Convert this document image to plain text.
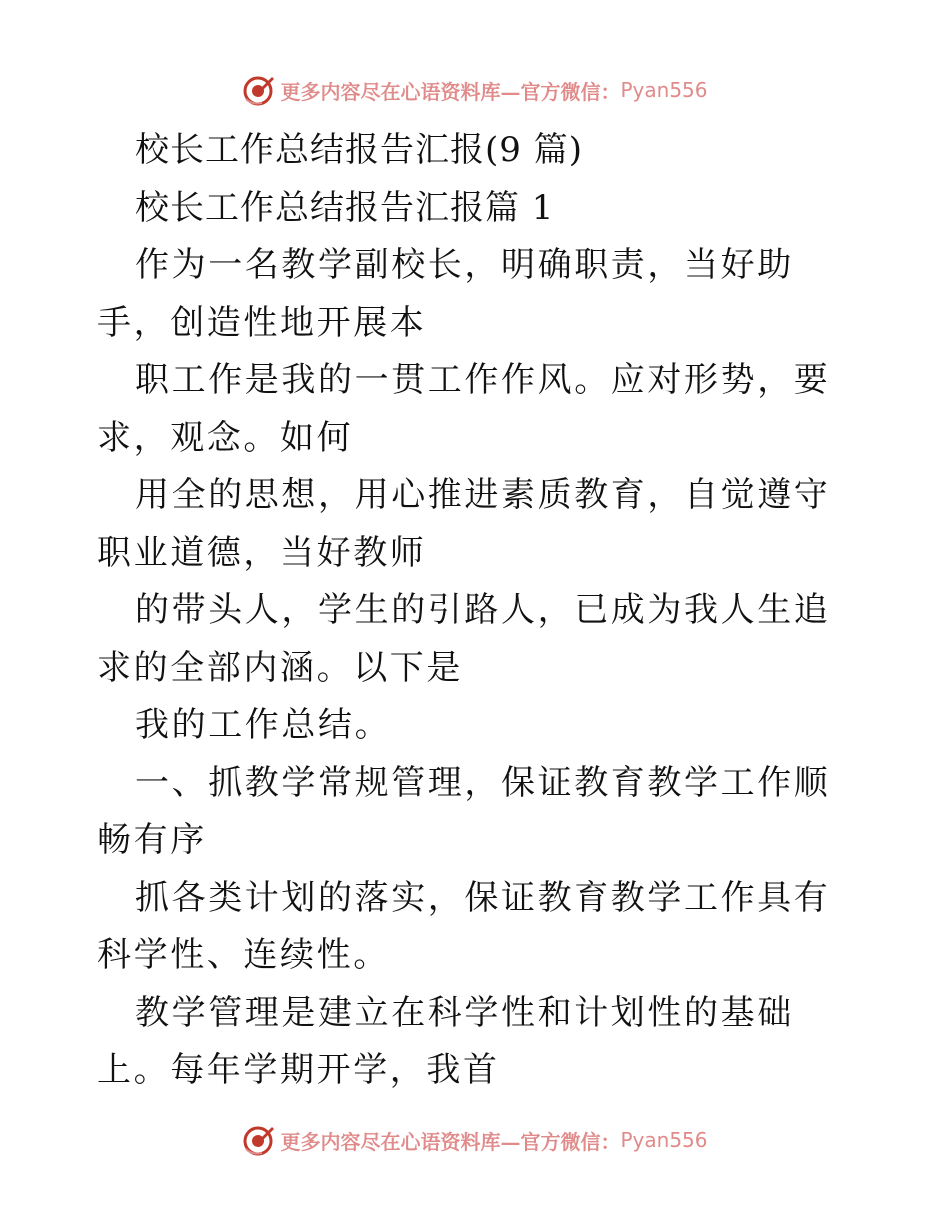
更多内容尽在心语资料库—官方微信： Pyan556

校长工作总结报告汇报(9 篇)

校长工作总结报告汇报篇 1

作为一名教学副校长，明确职责，当好助手，创造性地开展本

职工作是我的一贯工作作风。应对形势，要求，观念。如何

用全的思想，用心推进素质教育，自觉遵守职业道德，当好教师

的带头人，学生的引路人，已成为我人生追求的全部内涵。以下是

我的工作总结。

一、抓教学常规管理，保证教育教学工作顺畅有序

抓各类计划的落实，保证教育教学工作具有科学性、连续性。

教学管理是建立在科学性和计划性的基础上。每年学期开学，我首

更多内容尽在心语资料库—官方微信： Pyan556
